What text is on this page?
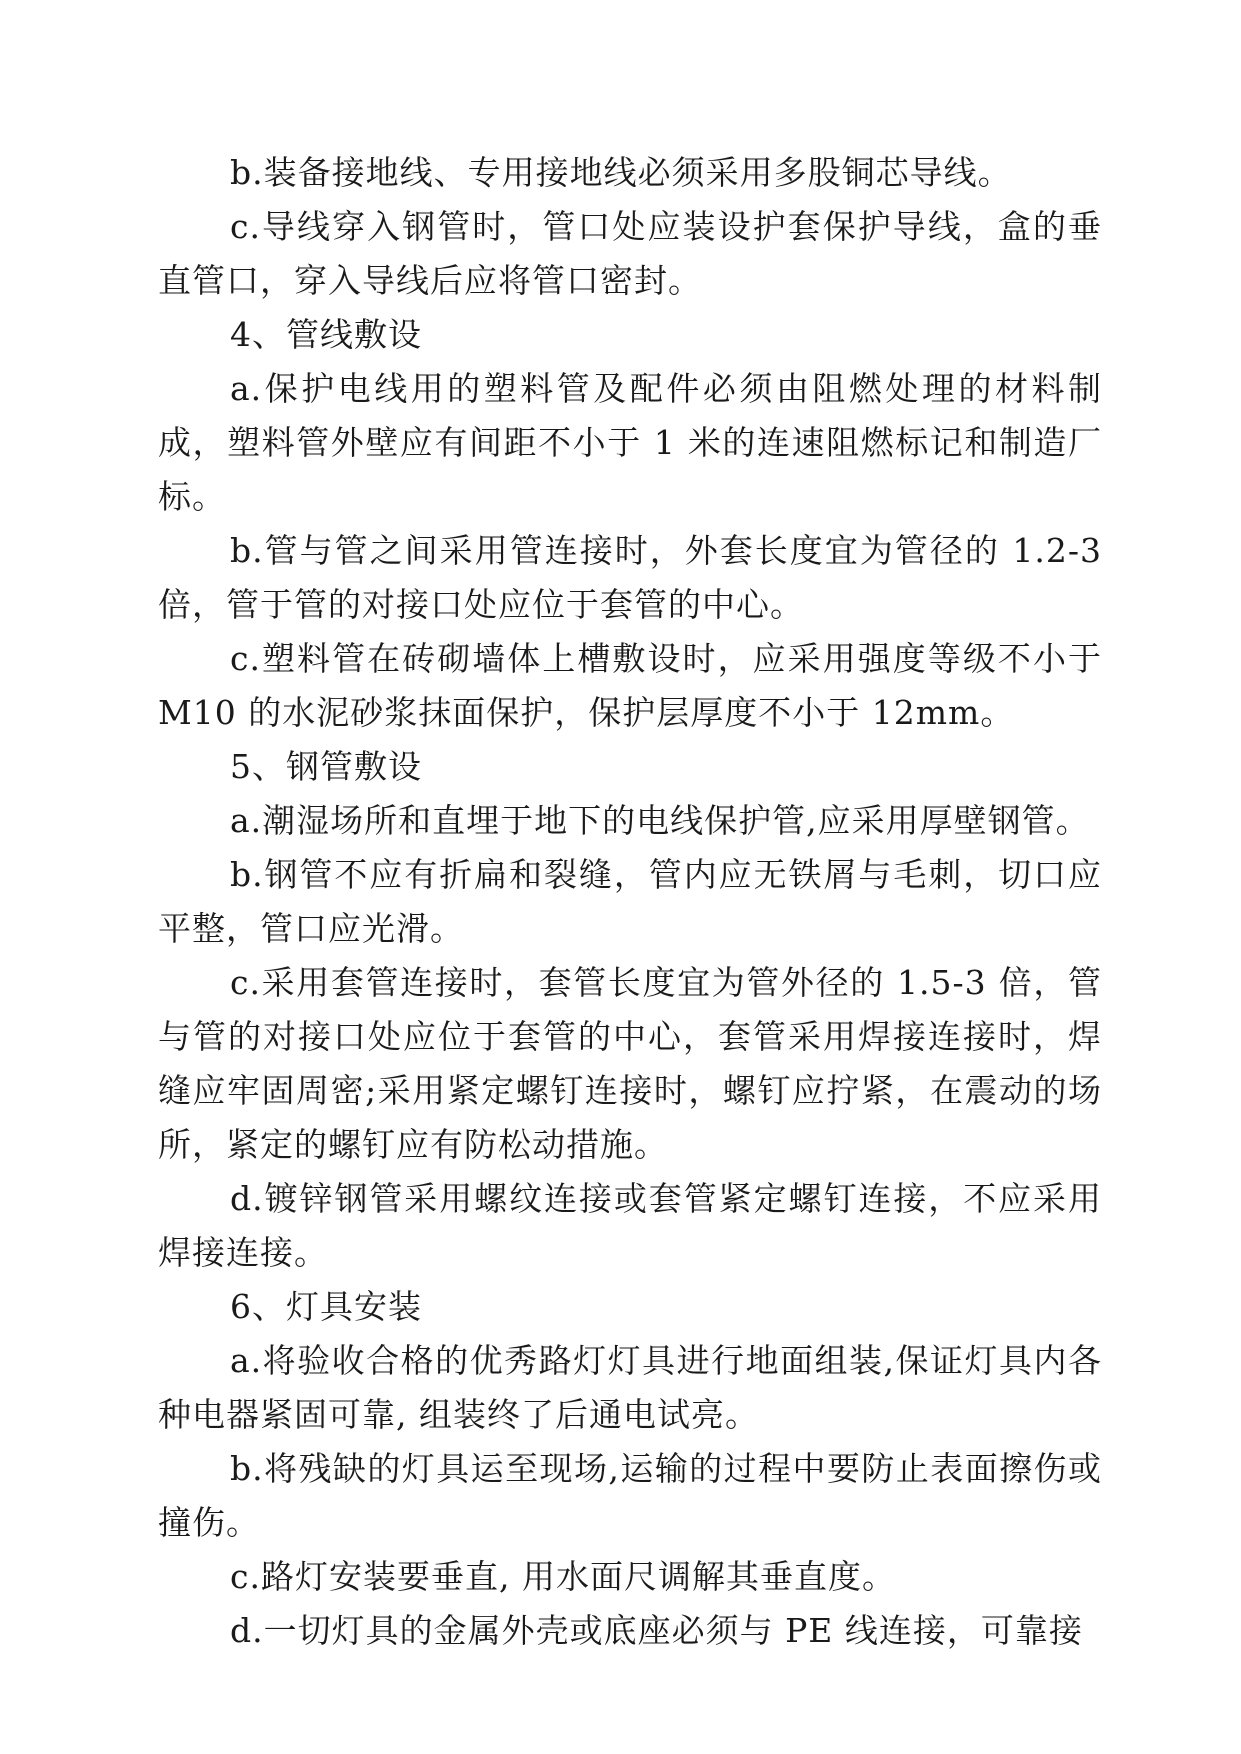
b.装备接地线、专用接地线必须采用多股铜芯导线。

c.导线穿入钢管时，管口处应装设护套保护导线，盒的垂直管口，穿入导线后应将管口密封。

4、管线敷设

a.保护电线用的塑料管及配件必须由阻燃处理的材料制成，塑料管外壁应有间距不小于 1 米的连速阻燃标记和制造厂标。

b.管与管之间采用管连接时，外套长度宜为管径的 1.2-3 倍，管于管的对接口处应位于套管的中心。

c.塑料管在砖砌墙体上槽敷设时，应采用强度等级不小于M10 的水泥砂浆抹面保护，保护层厚度不小于 12mm。

5、钢管敷设

a.潮湿场所和直埋于地下的电线保护管,应采用厚壁钢管。

b.钢管不应有折扁和裂缝，管内应无铁屑与毛刺，切口应平整，管口应光滑。

c.采用套管连接时，套管长度宜为管外径的 1.5-3 倍，管与管的对接口处应位于套管的中心，套管采用焊接连接时，焊缝应牢固周密;采用紧定螺钉连接时，螺钉应拧紧，在震动的场所，紧定的螺钉应有防松动措施。

d.镀锌钢管采用螺纹连接或套管紧定螺钉连接，不应采用焊接连接。

6、灯具安装

a.将验收合格的优秀路灯灯具进行地面组装,保证灯具内各种电器紧固可靠, 组装终了后通电试亮。

b.将残缺的灯具运至现场,运输的过程中要防止表面擦伤或撞伤。

c.路灯安装要垂直, 用水面尺调解其垂直度。

d.一切灯具的金属外壳或底座必须与 PE 线连接，可靠接
